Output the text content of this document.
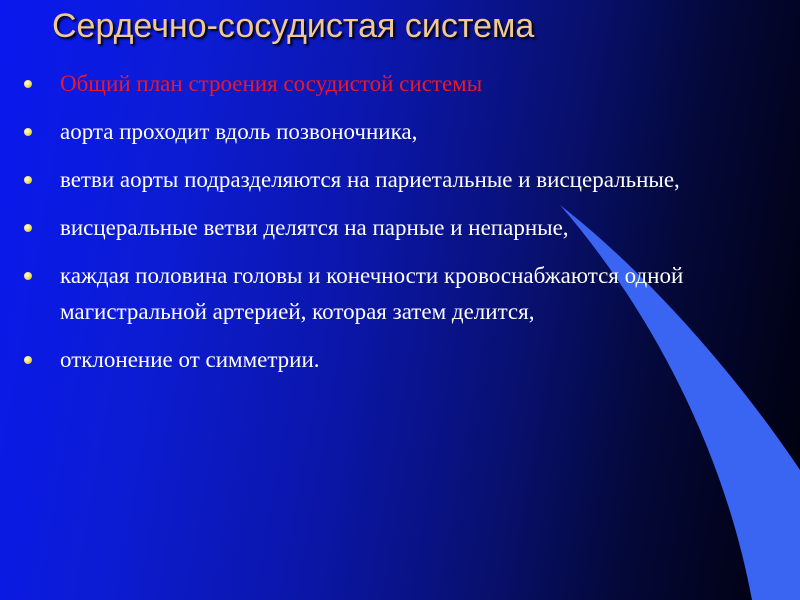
Сердечно-сосудистая система
Общий план строения сосудистой системы
аорта проходит вдоль позвоночника,
ветви аорты подразделяются на париетальные и висцеральные,
висцеральные ветви делятся на парные и непарные,
каждая половина головы и конечности кровоснабжаются одной магистральной артерией, которая затем делится,
отклонение от симметрии.
